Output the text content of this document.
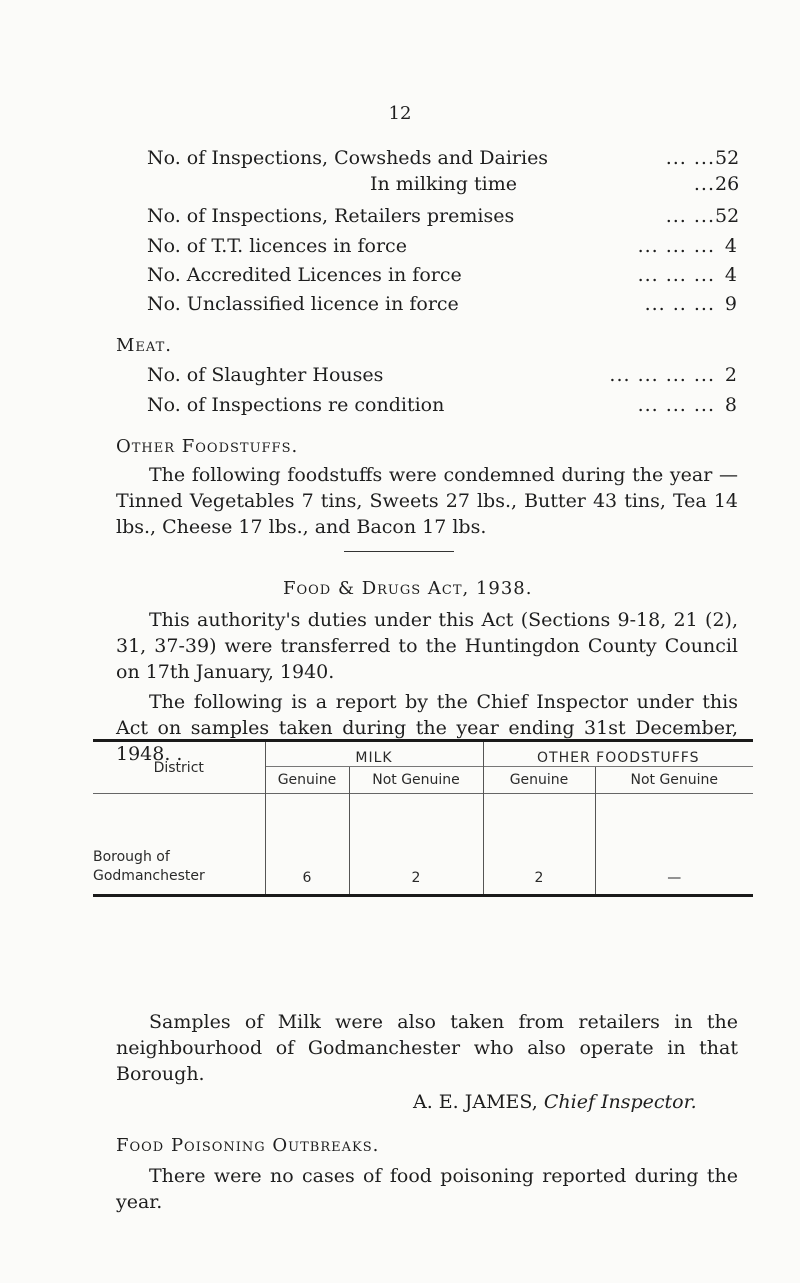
12
No. of Inspections, Cowsheds and Dairies	... ... 52
In milking time	... 26
No. of Inspections, Retailers premises	... ... 52
No. of T.T. licences in force	... ... ... 4
No. Accredited Licences in force	... ... ... 4
No. Unclassified licence in force	... .. ... 9
Meat.
No. of Slaughter Houses	... ... ... ... 2
No. of Inspections re condition	... ... ... 8
Other Foodstuffs.

The following foodstuffs were condemned during the year —Tinned Vegetables 7 tins, Sweets 27 lbs., Butter 43 tins, Tea 14 lbs., Cheese 17 lbs., and Bacon 17 lbs.

Food & Drugs Act, 1938.

This authority's duties under this Act (Sections 9-18, 21 (2), 31, 37-39) were transferred to the Huntingdon County Council on 17th January, 1940.

The following is a report by the Chief Inspector under this Act on samples taken during the year ending 31st December, 1948. .

District	MILK		OTHER FOODSTUFFS	
	Genuine	Not Genuine	Genuine	Not Genuine
Borough of
Godmanchester	6	2	2	—

Samples of Milk were also taken from retailers in the neighbourhood of Godmanchester who also operate in that Borough.

A. E. JAMES, Chief Inspector.
Food Poisoning Outbreaks.

There were no cases of food poisoning reported during the year.
